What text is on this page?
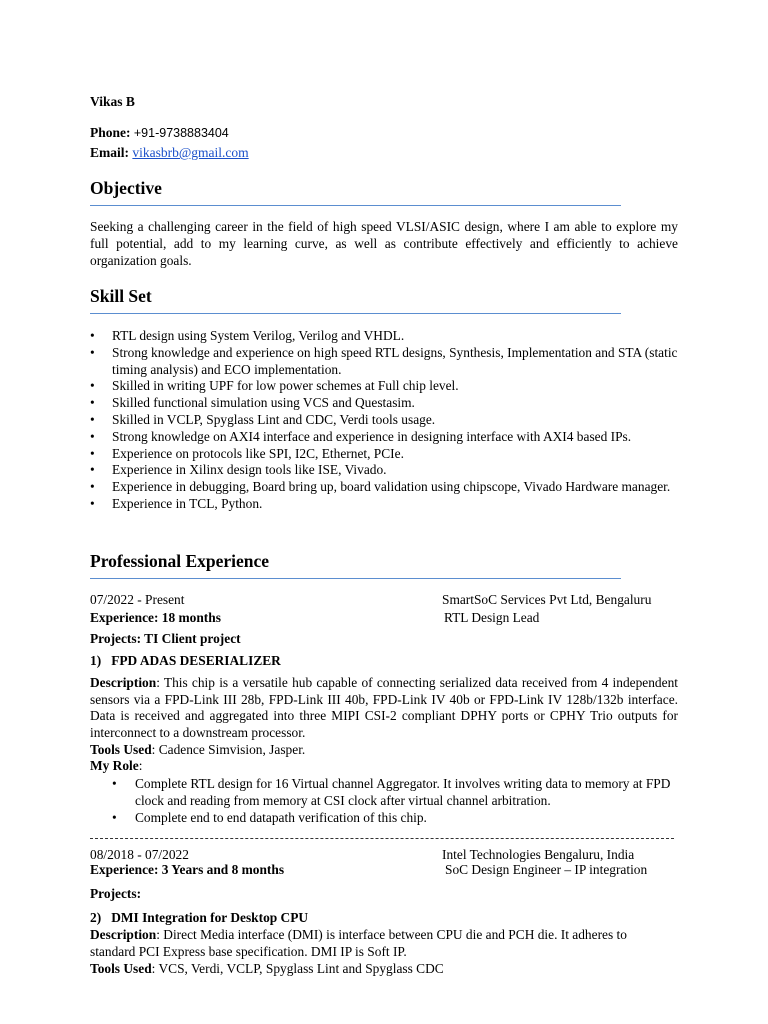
Vikas B
Phone: +91-9738883404
Email: vikasbrb@gmail.com
Objective
Seeking a challenging career in the field of high speed VLSI/ASIC design, where I am able to explore my full potential, add to my learning curve, as well as contribute effectively and efficiently to achieve organization goals.
Skill Set
• RTL design using System Verilog, Verilog and VHDL.
• Strong knowledge and experience on high speed RTL designs, Synthesis, Implementation and STA (static timing analysis) and ECO implementation.
• Skilled in writing UPF for low power schemes at Full chip level.
• Skilled functional simulation using VCS and Questasim.
• Skilled in VCLP, Spyglass Lint and CDC, Verdi tools usage.
• Strong knowledge on AXI4 interface and experience in designing interface with AXI4 based IPs.
• Experience on protocols like SPI, I2C, Ethernet, PCIe.
• Experience in Xilinx design tools like ISE, Vivado.
• Experience in debugging, Board bring up, board validation using chipscope, Vivado Hardware manager.
• Experience in TCL, Python.
Professional Experience
07/2022 - Present	SmartSoC Services Pvt Ltd, Bengaluru
Experience: 18 months	RTL Design Lead
Projects: TI Client project
1)   FPD ADAS DESERIALIZER
Description: This chip is a versatile hub capable of connecting serialized data received from 4 independent sensors via a FPD-Link III 28b, FPD-Link III 40b, FPD-Link IV 40b or FPD-Link IV 128b/132b interface. Data is received and aggregated into three MIPI CSI-2 compliant DPHY ports or CPHY Trio outputs for interconnect to a downstream processor.
Tools Used: Cadence Simvision, Jasper.
My Role:
• Complete RTL design for 16 Virtual channel Aggregator. It involves writing data to memory at FPD clock and reading from memory at CSI clock after virtual channel arbitration.
• Complete end to end datapath verification of this chip.
08/2018 - 07/2022	Intel Technologies Bengaluru, India
Experience: 3 Years and 8 months	SoC Design Engineer – IP integration
Projects:
2)   DMI Integration for Desktop CPU
Description: Direct Media interface (DMI) is interface between CPU die and PCH die. It adheres to standard PCI Express base specification. DMI IP is Soft IP.
Tools Used: VCS, Verdi, VCLP, Spyglass Lint and Spyglass CDC
